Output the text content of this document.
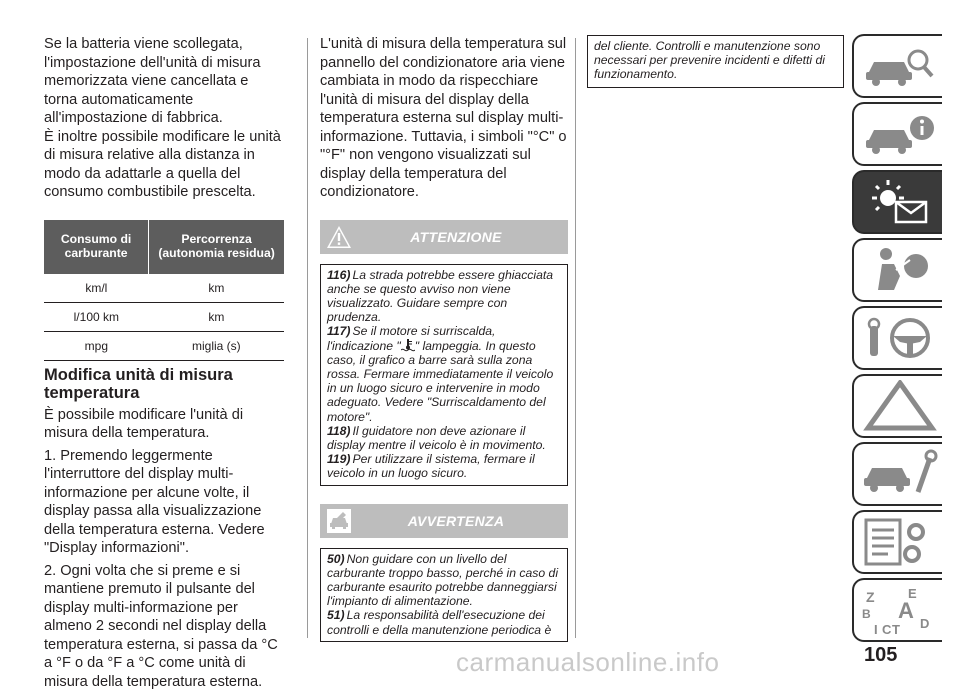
Se la batteria viene scollegata, l'impostazione dell'unità di misura memorizzata viene cancellata e torna automaticamente all'impostazione di fabbrica.

È inoltre possibile modificare le unità di misura relative alla distanza in modo da adattarle a quella del consumo combustibile prescelta.

Consumo di carburante	Percorrenza (autonomia residua)
km/l	km
l/100 km	km
mpg	miglia (s)
Modifica unità di misura temperatura

È possibile modificare l'unità di misura della temperatura.

1. Premendo leggermente l'interruttore del display multi-informazione per alcune volte, il display passa alla visualizzazione della temperatura esterna. Vedere "Display informazioni".

2. Ogni volta che si preme e si mantiene premuto il pulsante del display multi-informazione per almeno 2 secondi nel display della temperatura esterna, si passa da °C a °F o da °F a °C come unità di misura della temperatura esterna.

L'unità di misura della temperatura sul pannello del condizionatore aria viene cambiata in modo da rispecchiare l'unità di misura del display della temperatura esterna sul display multi-informazione. Tuttavia, i simboli "°C" o "°F" non vengono visualizzati sul display della temperatura del condizionatore.

ATTENZIONE

116) La strada potrebbe essere ghiacciata anche se questo avviso non viene visualizzato. Guidare sempre con prudenza.

117) Se il motore si surriscalda, l'indicazione " " lampeggia. In questo caso, il grafico a barre sarà sulla zona rossa. Fermare immediatamente il veicolo in un luogo sicuro e intervenire in modo adeguato. Vedere "Surriscaldamento del motore".

118) Il guidatore non deve azionare il display mentre il veicolo è in movimento.

119) Per utilizzare il sistema, fermare il veicolo in un luogo sicuro.

AVVERTENZA

50) Non guidare con un livello del carburante troppo basso, perché in caso di carburante esaurito potrebbe danneggiarsi l'impianto di alimentazione.

51) La responsabilità dell'esecuzione dei controlli e della manutenzione periodica è

del cliente. Controlli e manutenzione sono necessari per prevenire incidenti e difetti di funzionamento.
Z	E
B A
I C T D
105
carmanualsonline.info
